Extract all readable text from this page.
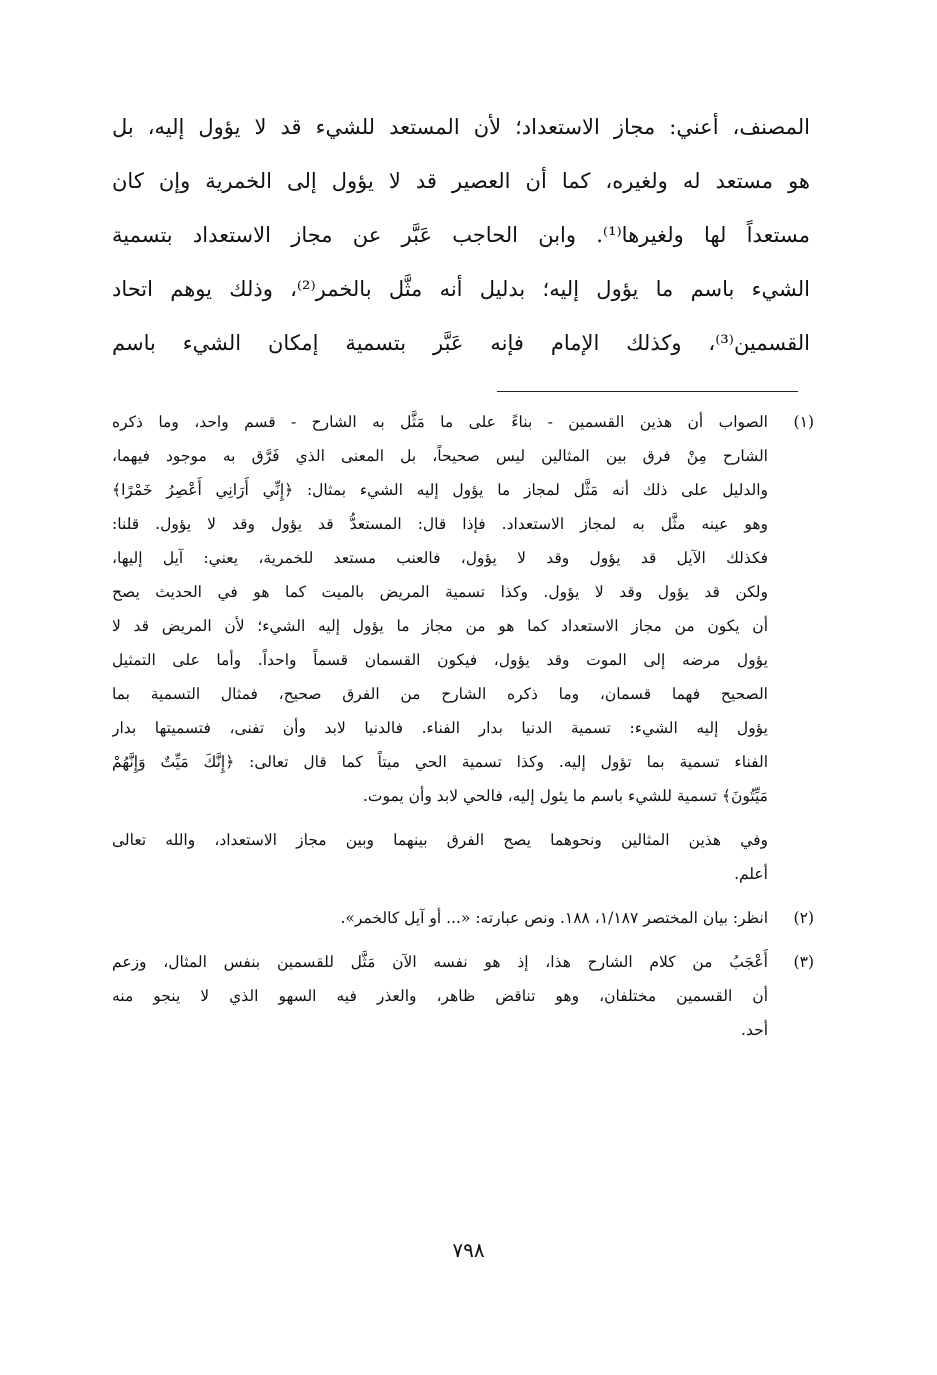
المصنف، أعني: مجاز الاستعداد؛ لأن المستعد للشيء قد لا يؤول إليه، بل
هو مستعد له ولغيره، كما أن العصير قد لا يؤول إلى الخمرية وإن كان
مستعداً لها ولغيرها⁽¹⁾. وابن الحاجب عَبَّر عن مجاز الاستعداد بتسمية
الشيء باسم ما يؤول إليه؛ بدليل أنه مثَّل بالخمر⁽²⁾، وذلك يوهم اتحاد
القسمين⁽³⁾، وكذلك الإمام فإنه عَبَّر بتسمية إمكان الشيء باسم
(١)
الصواب أن هذين القسمين - بناءً على ما مَثَّل به الشارح - قسم واحد، وما ذكره
الشارح مِنْ فرق بين المثالين ليس صحيحاً، بل المعنى الذي فَرَّق به موجود فيهما،
والدليل على ذلك أنه مَثَّل لمجاز ما يؤول إليه الشيء بمثال: ﴿إِنِّي أَرَانِي أَعْصِرُ خَمْرًا﴾
وهو عينه مثَّل به لمجاز الاستعداد. فإذا قال: المستعدُّ قد يؤول وقد لا يؤول. قلنا:
فكذلك الآيل قد يؤول وقد لا يؤول، فالعنب مستعد للخمرية، يعني: آيل إليها،
ولكن قد يؤول وقد لا يؤول. وكذا تسمية المريض بالميت كما هو في الحديث يصح
أن يكون من مجاز الاستعداد كما هو من مجاز ما يؤول إليه الشيء؛ لأن المريض قد لا
يؤول مرضه إلى الموت وقد يؤول، فيكون القسمان قسماً واحداً. وأما على التمثيل
الصحيح فهما قسمان، وما ذكره الشارح من الفرق صحيح، فمثال التسمية بما
يؤول إليه الشيء: تسمية الدنيا بدار الفناء. فالدنيا لابد وأن تفنى، فتسميتها بدار
الفناء تسمية بما تؤول إليه. وكذا تسمية الحي ميتاً كما قال تعالى: ﴿إِنَّكَ مَيِّتٌ وَإِنَّهُمْ
مَيِّتُونَ﴾ تسمية للشيء باسم ما يئول إليه، فالحي لابد وأن يموت.
وفي هذين المثالين ونحوهما يصح الفرق بينهما وبين مجاز الاستعداد، والله تعالى
أعلم.
(٢)
انظر: بيان المختصر ١/١٨٧، ١٨٨. ونص عبارته: «... أو آيل كالخمر».
(٣)
أَعْجَبُ من كلام الشارح هذا، إذ هو نفسه الآن مَثَّل للقسمين بنفس المثال، وزعم
أن القسمين مختلفان، وهو تناقض ظاهر، والعذر فيه السهو الذي لا ينجو منه
أحد.
٧٩٨
